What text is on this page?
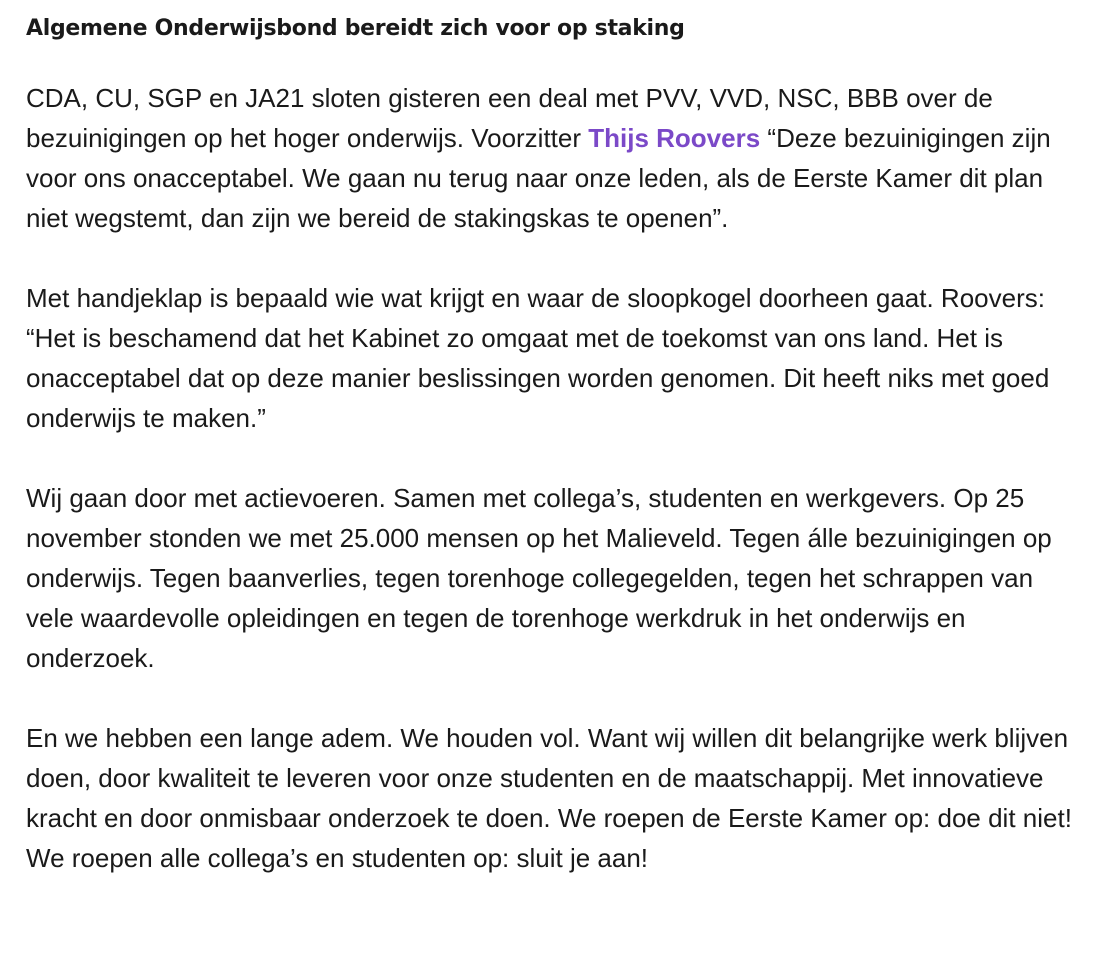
Algemene Onderwijsbond bereidt zich voor op staking

CDA, CU, SGP en JA21 sloten gisteren een deal met PVV, VVD, NSC, BBB over de bezuinigingen op het hoger onderwijs. Voorzitter Thijs Roovers “Deze bezuinigingen zijn voor ons onacceptabel. We gaan nu terug naar onze leden, als de Eerste Kamer dit plan niet wegstemt, dan zijn we bereid de stakingskas te openen”.

Met handjeklap is bepaald wie wat krijgt en waar de sloopkogel doorheen gaat. Roovers: “Het is beschamend dat het Kabinet zo omgaat met de toekomst van ons land. Het is onacceptabel dat op deze manier beslissingen worden genomen. Dit heeft niks met goed onderwijs te maken.”

Wij gaan door met actievoeren. Samen met collega’s, studenten en werkgevers. Op 25 november stonden we met 25.000 mensen op het Malieveld. Tegen álle bezuinigingen op onderwijs. Tegen baanverlies, tegen torenhoge collegegelden, tegen het schrappen van vele waardevolle opleidingen en tegen de torenhoge werkdruk in het onderwijs en onderzoek.

En we hebben een lange adem. We houden vol. Want wij willen dit belangrijke werk blijven doen, door kwaliteit te leveren voor onze studenten en de maatschappij. Met innovatieve kracht en door onmisbaar onderzoek te doen. We roepen de Eerste Kamer op: doe dit niet! We roepen alle collega’s en studenten op: sluit je aan!
